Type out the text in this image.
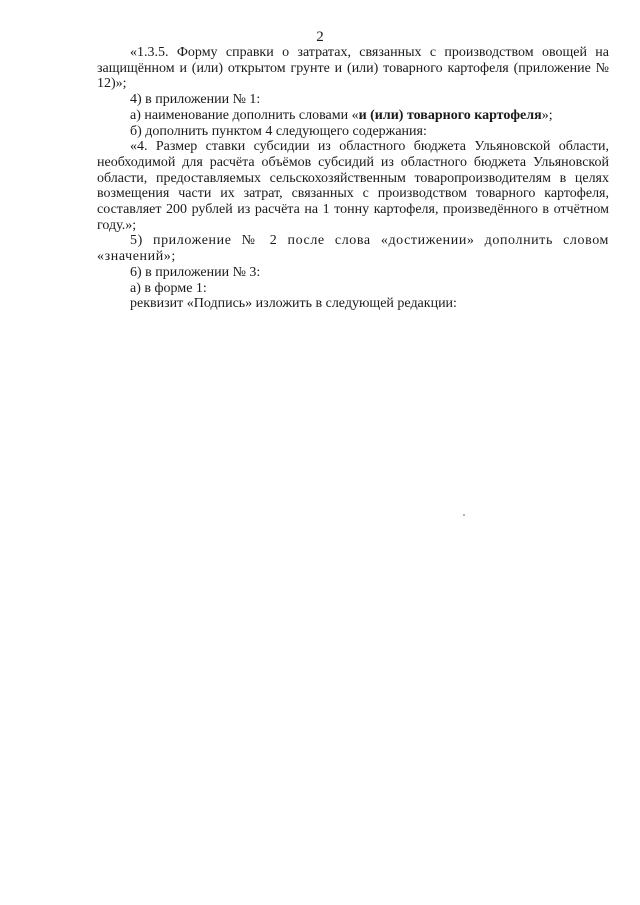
2

«1.3.5. Форму справки о затратах, связанных с производством овощей на защищённом и (или) открытом грунте и (или) товарного картофеля (приложение № 12)»;

4) в приложении № 1:

а) наименование дополнить словами «и (или) товарного картофеля»;

б) дополнить пунктом 4 следующего содержания:

«4. Размер ставки субсидии из областного бюджета Ульяновской области, необходимой для расчёта объёмов субсидий из областного бюджета Ульяновской области, предоставляемых сельскохозяйственным товаропроизводителям в целях возмещения части их затрат, связанных с производством товарного картофеля, составляет 200 рублей из расчёта на 1 тонну картофеля, произведённого в отчётном году.»;

5) приложение № 2 после слова «достижении» дополнить словом «значений»;

6) в приложении № 3:

а) в форме 1:

реквизит «Подпись» изложить в следующей редакции:
